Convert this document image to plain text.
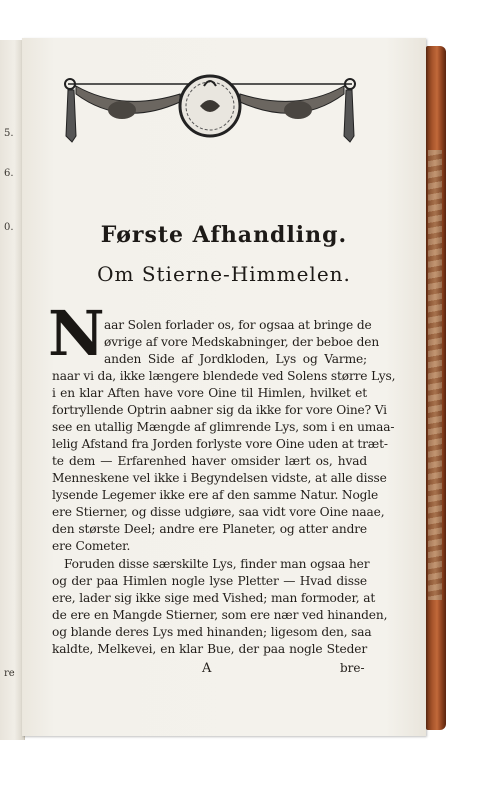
5.
6.
0.
re
Første Afhandling.
Om Stierne-Himmelen.
N aar Solen forlader os, for ogsaa at bringe de
øvrige af vore Medskabninger, der beboe den
anden Side af Jordkloden, Lys og Varme;
naar vi da, ikke længere blendede ved Solens større Lys,
i en klar Aften have vore Oine til Himlen, hvilket et
fortryllende Optrin aabner sig da ikke for vore Oine? Vi
see en utallig Mængde af glimrende Lys, som i en umaa-
lelig Afstand fra Jorden forlyste vore Oine uden at træt-
te dem — Erfarenhed haver omsider lært os, hvad
Menneskene vel ikke i Begyndelsen vidste, at alle disse
lysende Legemer ikke ere af den samme Natur. Nogle
ere Stierner, og disse udgiøre, saa vidt vore Oine naae,
den største Deel; andre ere Planeter, og atter andre
ere Cometer.
Foruden disse særskilte Lys, finder man ogsaa her
og der paa Himlen nogle lyse Pletter — Hvad disse
ere, lader sig ikke sige med Vished; man formoder, at
de ere en Mangde Stierner, som ere nær ved hinanden,
og blande deres Lys med hinanden; ligesom den, saa
kaldte, Melkevei, en klar Bue, der paa nogle Steder
A	bre-
